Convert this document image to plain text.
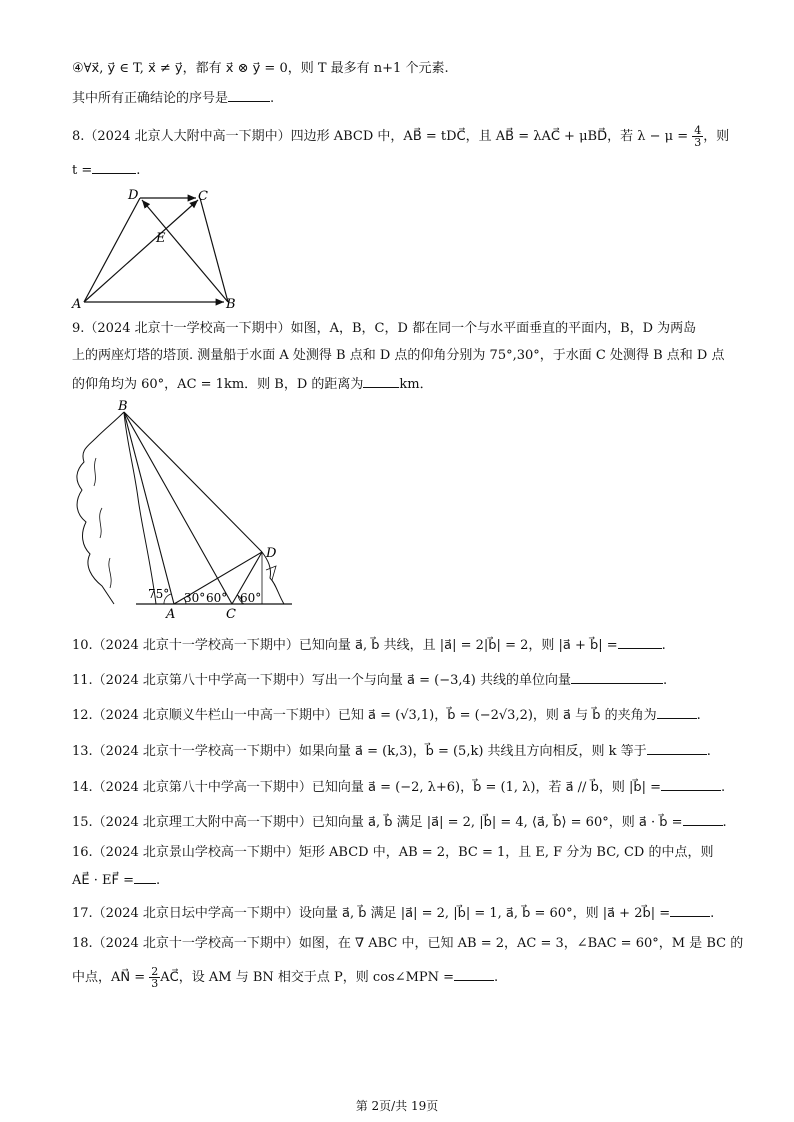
④∀x⃗, y⃗ ∈ T, x⃗ ≠ y⃗，都有 x⃗ ⊗ y⃗ = 0，则 T 最多有 n+1 个元素.
其中所有正确结论的序号是	.
8.（2024 北京人大附中高一下期中）四边形 ABCD 中，AB⃗ = tDC⃗，且 AB⃗ = λAC⃗ + μBD⃗，若 $\lambda - \mu = \frac{4}{3}$ ，则
t =	.
A	B
C
D
E
9.（2024 北京十一学校高一下期中）如图，A，B，C，D 都在同一个与水平面垂直的平面内，B，D 为两岛
上的两座灯塔的塔顶. 测量船于水面 A 处测得 B 点和 D 点的仰角分别为 75°,30°，于水面 C 处测得 B 点和 D 点
的仰角均为 60°，AC = 1km．则 B，D 的距离为	km．
B
D
A	C
75° 30° 60° 60°
10.（2024 北京十一学校高一下期中）已知向量 a⃗, b⃗ 共线，且 |a⃗| = 2|b⃗| = 2，则 |a⃗ + b⃗| =	.
11.（2024 北京第八十中学高一下期中）写出一个与向量 a⃗ = (−3,4) 共线的单位向量	.
12.（2024 北京顺义牛栏山一中高一下期中）已知 a⃗ = (√3,1)，b⃗ = (−2√3,2)，则 a⃗ 与 b⃗ 的夹角为	.
13.（2024 北京十一学校高一下期中）如果向量 a⃗ = (k,3)，b⃗ = (5,k) 共线且方向相反，则 k 等于	.
14.（2024 北京第八十中学高一下期中）已知向量 a⃗ = (−2, λ+6)，b⃗ = (1, λ)，若 a⃗ // b⃗，则 |b⃗| =	.
15.（2024 北京理工大附中高一下期中）已知向量 a⃗, b⃗ 满足 |a⃗| = 2, |b⃗| = 4, ⟨a⃗, b⃗⟩ = 60°，则 a⃗ · b⃗ =	.
16.（2024 北京景山学校高一下期中）矩形 ABCD 中，AB = 2，BC = 1，且 E, F 分为 BC, CD 的中点，则
AE⃗ · EF⃗ = .
17.（2024 北京日坛中学高一下期中）设向量 a⃗, b⃗ 满足 |a⃗| = 2, |b⃗| = 1, a⃗, b⃗ = 60°，则 |a⃗ + 2b⃗| =	.
18.（2024 北京十一学校高一下期中）如图，在 ∇ ABC 中，已知 AB = 2，AC = 3，∠BAC = 60°，M 是 BC 的
中点，AN⃗ = $\frac{2}{3}$ AC⃗，设 AM 与 BN 相交于点 P，则 cos∠MPN =	.
第 2页/共 19页
